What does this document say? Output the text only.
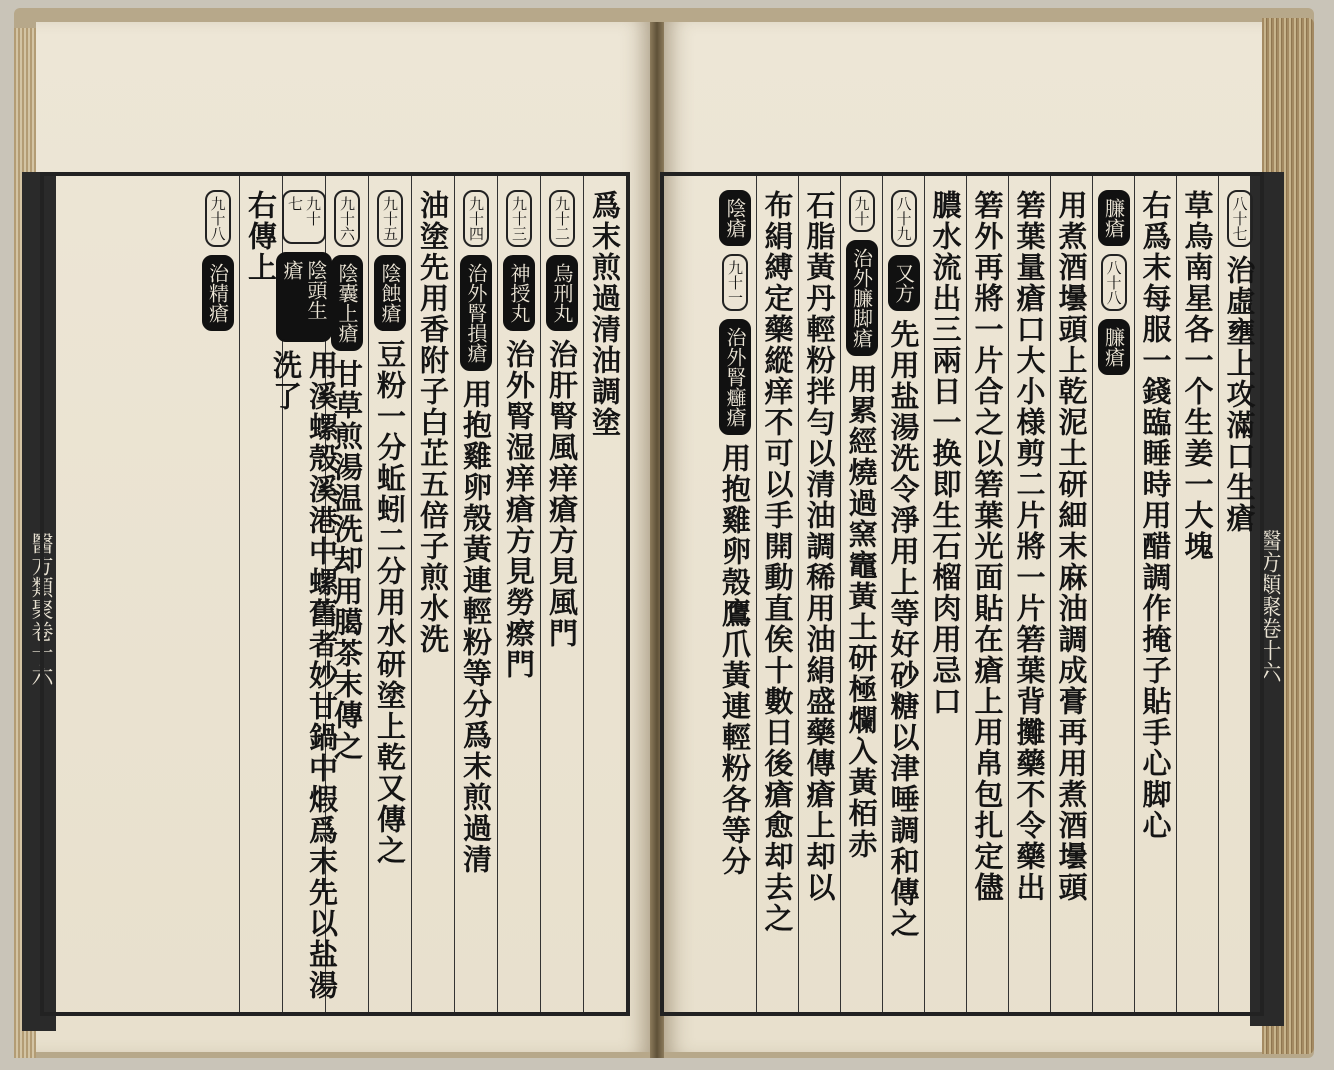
醫方類聚卷十六	醫方類聚卷十六
爲末煎過清油調塗
九十二
烏刑丸
治肝腎風痒瘡方見風門
九十三
神授丸
治外腎湿痒瘡方見勞瘵門
九十四
治外腎損瘡
用抱雞卵殼黃連輕粉等分爲末煎過清
油塗先用香附子白芷五倍子煎水洗
九十五
陰蝕瘡
豆粉一分蚯蚓二分用水研塗上乾又傳之
九十六
陰囊上瘡
甘草煎湯温洗却用臈茶末傳之
九十七
陰頭生瘡
用溪螺殼溪港中螺舊者妙甘鍋中煆爲末先以盐湯洗了
右傳上
九十八
治精瘡
八十七
治虛壅上攻滿口生瘡
草烏南星各一个生姜一大塊
右爲末每服一錢臨睡時用醋調作掩子貼手心脚心
臁瘡
八十八
臁瘡
用煮酒壜頭上乾泥土研細末麻油調成膏再用煮酒壜頭
箬葉量瘡口大小様剪二片將一片箬葉背攤藥不令藥出
箬外再將一片合之以箬葉光面貼在瘡上用帛包扎定儘
膿水流出三兩日一换即生石榴肉用忌口
八十九
又方
先用盐湯洗令淨用上等好砂糖以津唾調和傳之
九十
治外臁脚瘡
用累經燒過窯竈黃土研極爛入黃栢赤
石脂黃丹輕粉拌勻以清油調稀用油絹盛藥傳瘡上却以
布絹縛定藥縱痒不可以手開動直俟十數日後瘡愈却去之
陰瘡
九十一
治外腎癰瘡
用抱雞卵殼鷹爪黃連輕粉各等分
